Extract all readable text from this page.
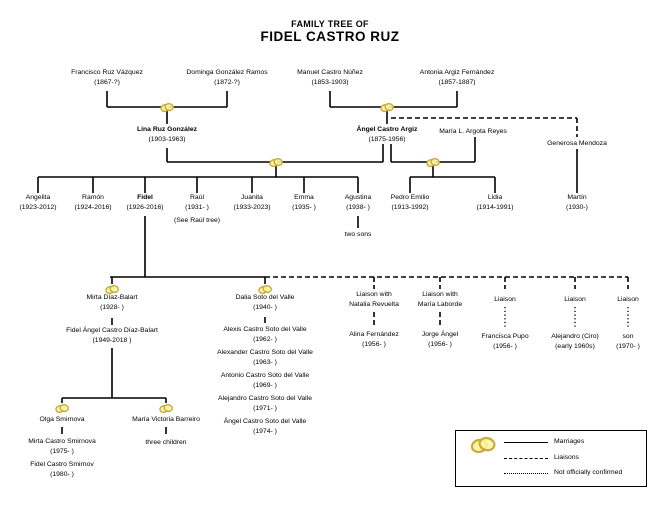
FAMILY TREE OF
FIDEL CASTRO RUZ
Francisco Ruz Vázquez
(1867-?)
Dominga González Ramos
(1872-?)
Manuel Castro Núñez
(1853-1903)
Antonia Argiz Fernández
(1857-1887)
Lina Ruz González
(1903-1963)
Ángel Castro Argiz
(1875-1956)
María L. Argota Reyes
Generosa Mendoza
Angelita
(1923-2012)
Ramón
(1924-2016)
Fidel
(1926-2016)
Raúl
(1931- )
(See Raúl tree)
Juanita
(1933-2023)
Emma
(1935- )
Agustina
(1938- )
two sons
Pedro Emilio
(1913-1992)
Lidia
(1914-1991)
Martín
(1930-)
Mirta Díaz-Balart
(1928- )
Dalia Soto del Valle
(1940- )
Liaison with
Natalia Revuelta
Liaison with
María Laborde
Liaison	Liaison	Liaison
Alina Fernández
(1956- )
Jorge Ángel
(1956- )
Francisca Pupo
(1956- )
Alejandro (Ciro)
(early 1960s)
son
(1970- )
Fidel Ángel Castro Díaz-Balart
(1949-2018 )
Olga Smirnova	María Victoria Barreiro
Mirta Castro Smirnova
(1975- )
Fidel Castro Smirnov
(1980- )
three children
Alexis Castro Soto del Valle
(1962- )
Alexander Castro Soto del Valle
(1963- )
Antonio Castro Soto del Valle
(1969- )
Alejandro Castro Soto del Valle
(1971- )
Ángel Castro Soto del Valle
(1974- )
Marriages
Liaisons
Not officially confirmed
